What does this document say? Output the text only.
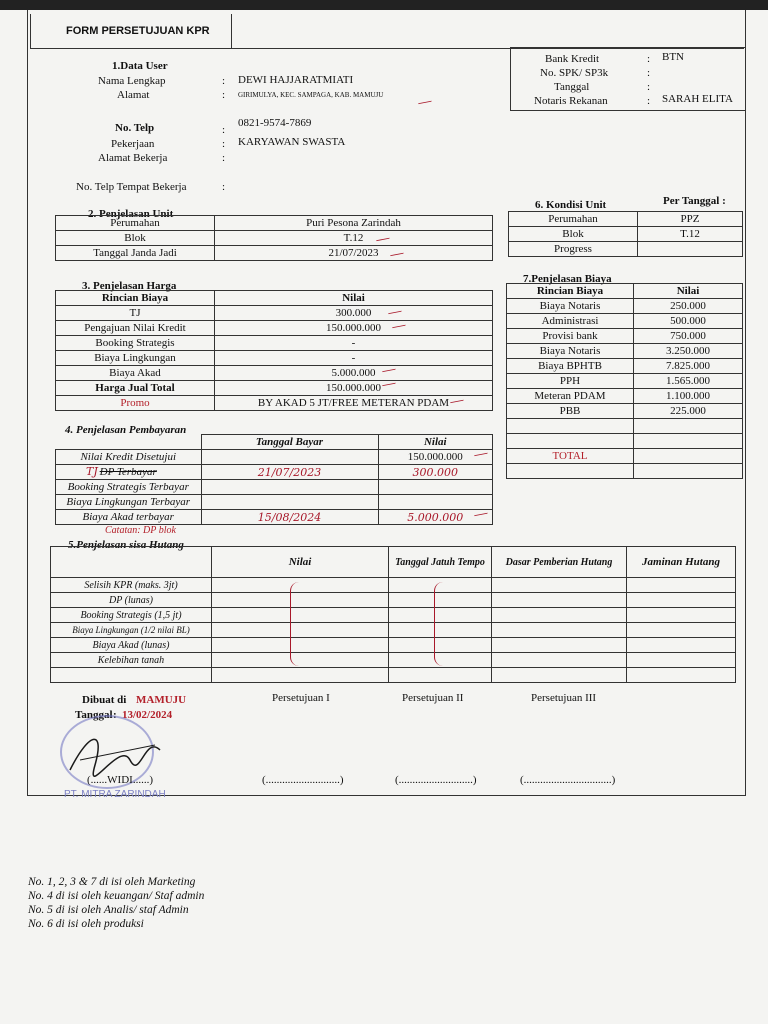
FORM PERSETUJUAN KPR
1.Data User
Nama Lengkap	: DEWI HAJJARATMIATI
Alamat	: GIRIMULYA, KEC. SAMPAGA, KAB. MAMUJU
No. Telp	:
0821-9574-7869
Pekerjaan	: KARYAWAN SWASTA
Alamat Bekerja	:
No. Telp Tempat Bekerja	:
Bank Kredit	: BTN
No. SPK/ SP3k	:
Tanggal	:
Notaris Rekanan	: SARAH ELITA
2. Penjelasan Unit
Perumahan	Puri Pesona Zarindah
Blok	T.12
Tanggal Janda Jadi	21/07/2023
6. Kondisi Unit	Per Tanggal :
Perumahan	PPZ
Blok	T.12
Progress	
3. Penjelasan Harga
Rincian Biaya	Nilai
TJ	300.000
Pengajuan Nilai Kredit	150.000.000
Booking Strategis	-
Biaya Lingkungan	-
Biaya Akad	5.000.000
Harga Jual Total	150.000.000
Promo	BY AKAD 5 JT/FREE METERAN PDAM
7.Penjelasan Biaya
Rincian Biaya	Nilai
Biaya Notaris	250.000
Administrasi	500.000
Provisi bank	750.000
Biaya Notaris	3.250.000
Biaya BPHTB	7.825.000
PPH	1.565.000
Meteran PDAM	1.100.000
PBB	225.000

TOTAL	

4. Penjelasan Pembayaran
	Tanggal Bayar	Nilai
Nilai Kredit Disetujui		150.000.000
DP Terbayar	21/07/2023	300.000
Booking Strategis Terbayar		
Biaya Lingkungan Terbayar		
Biaya Akad terbayar	15/08/2024	5.000.000
TJ
Catatan: DP blok
5.Penjelasan sisa Hutang
	Nilai	Tanggal Jatuh Tempo	Dasar Pemberian Hutang	Jaminan Hutang
Selisih KPR (maks. 3jt)				
DP (lunas)				
Booking Strategis (1,5 jt)				
Biaya Lingkungan (1/2 nilai BL)				
Biaya Akad (lunas)				
Kelebihan tanah				

Dibuat di MAMUJU
Tanggal : 13/02/2024
Persetujuan I	Persetujuan II	Persetujuan III
(......WIDI......)	(...........................)	(...........................)	(................................)
PT. MITRA ZARINDAH
No. 1, 2, 3 & 7 di isi oleh Marketing
No. 4 di isi oleh keuangan/ Staf admin
No. 5 di isi oleh Analis/ staf Admin
No. 6 di isi oleh produksi
